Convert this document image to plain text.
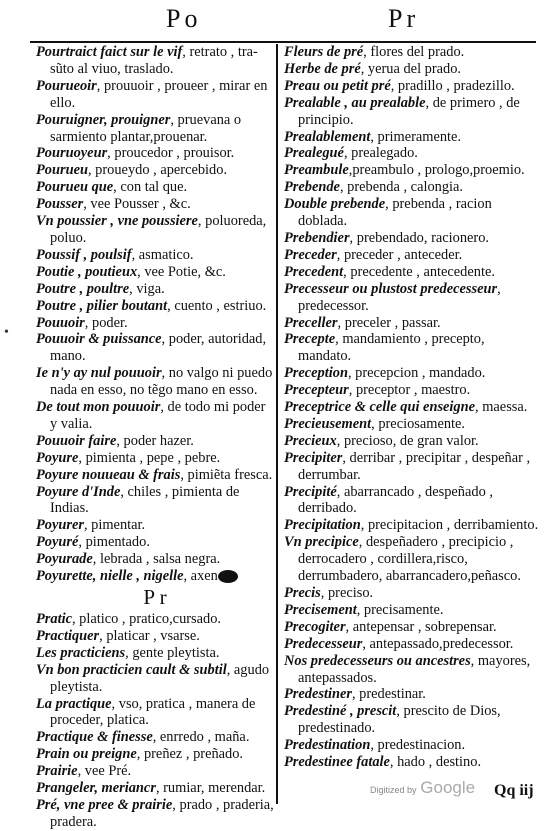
Po	Pr
•

Pourtraict faict sur le vif, retrato , tra-sũto al viuo, traslado.

Pourueoir, prouuoir , proueer , mirar en ello.

Pouruigner, prouigner, pruevana o sarmiento plantar,prouenar.

Pouruoyeur, proucedor , prouisor.

Pourueu, proueydo , apercebido.

Pourueu que, con tal que.

Pousser, vee Pousser , &c.

Vn poussier , vne poussiere, poluoreda, poluo.

Poussif , poulsif, asmatico.

Poutie , poutieux, vee Potie, &c.

Poutre , poultre, viga.

Poutre , pilier boutant, cuento , estriuo.

Pouuoir, poder.

Pouuoir & puissance, poder, autoridad, mano.

Ie n'y ay nul pouuoir, no valgo ni puedo nada en esso, no tẽgo mano en esso.

De tout mon pouuoir, de todo mi poder y valia.

Pouuoir faire, poder hazer.

Poyure, pimienta , pepe , pebre.

Poyure nouueau & frais, pimiẽta fresca.

Poyure d'Inde, chiles , pimienta de Indias.

Poyurer, pimentar.

Poyuré, pimentado.

Poyurade, lebrada , salsa negra.

Poyurette, nielle , nigelle, axen

P r

Pratic, platico , pratico,cursado.

Practiquer, platicar , vsarse.

Les practiciens, gente pleytista.

Vn bon practicien cault & subtil, agudo pleytista.

La practique, vso, pratica , manera de proceder, platica.

Practique & finesse, enrredo , maña.

Prain ou preigne, preñez , preñado.

Prairie, vee Pré.

Prangeler, meriancr, rumiar, merendar.

Pré, vne pree & prairie, prado , praderia, pradera.

Fleurs de pré, flores del prado.

Herbe de pré, yerua del prado.

Preau ou petit pré, pradillo , pradezillo.

Prealable , au prealable, de primero , de principio.

Prealablement, primeramente.

Prealegué, prealegado.

Preambule,preambulo , prologo,proemio.

Prebende, prebenda , calongia.

Double prebende, prebenda , racion doblada.

Prebendier, prebendado, racionero.

Preceder, preceder , anteceder.

Precedent, precedente , antecedente.

Precesseur ou plustost predecesseur, predecessor.

Preceller, preceler , passar.

Precepte, mandamiento , precepto, mandato.

Preception, precepcion , mandado.

Precepteur, preceptor , maestro.

Preceptrice & celle qui enseigne, maessa.

Precieusement, preciosamente.

Precieux, precioso, de gran valor.

Precipiter, derribar , precipitar , despeñar , derrumbar.

Precipité, abarrancado , despeñado , derribado.

Precipitation, precipitacion , derribamiento.

Vn precipice, despeñadero , precipicio , derrocadero , cordillera,risco, derrumbadero, abarrancadero,peñasco.

Precis, preciso.

Precisement, precisamente.

Precogiter, antepensar , sobrepensar.

Predecesseur, antepassado,predecessor.

Nos predecesseurs ou ancestres, mayores, antepassados.

Predestiner, predestinar.

Predestiné , prescit, prescito de Dios, predestinado.

Predestination, predestinacion.

Predestinee fatale, hado , destino.

Digitized by Google Qq iij
